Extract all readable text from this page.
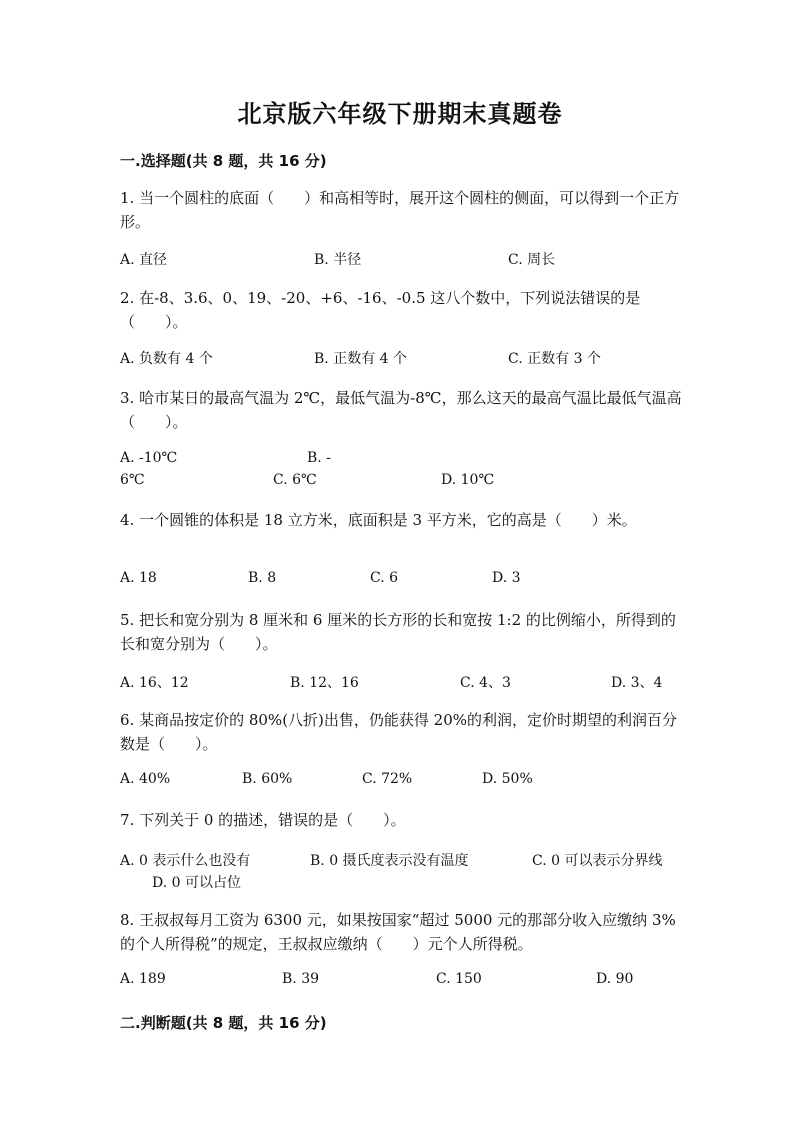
北京版六年级下册期末真题卷
一.选择题(共 8 题，共 16 分)
1. 当一个圆柱的底面（　　）和高相等时，展开这个圆柱的侧面，可以得到一个正方形。
A. 直径	B. 半径	C. 周长
2. 在-8、3.6、0、19、-20、+6、-16、-0.5 这八个数中，下列说法错误的是（　　）。
A. 负数有 4 个	B. 正数有 4 个	C. 正数有 3 个
3. 哈市某日的最高气温为 2℃，最低气温为-8℃，那么这天的最高气温比最低气温高（　　）。
A. -10℃	B. -
6℃	C. 6℃	D. 10℃
4. 一个圆锥的体积是 18 立方米，底面积是 3 平方米，它的高是（　　）米。
A. 18	B. 8	C. 6	D. 3
5. 把长和宽分别为 8 厘米和 6 厘米的长方形的长和宽按 1:2 的比例缩小，所得到的长和宽分别为（　　）。
A. 16、12	B. 12、16	C. 4、3	D. 3、4
6. 某商品按定价的 80%(八折)出售，仍能获得 20%的利润，定价时期望的利润百分数是（　　）。
A. 40%	B. 60%	C. 72%	D. 50%
7. 下列关于 0 的描述，错误的是（　　）。
A. 0 表示什么也没有	B. 0 摄氏度表示没有温度	C. 0 可以表示分界线
D. 0 可以占位
8. 王叔叔每月工资为 6300 元，如果按国家“超过 5000 元的那部分收入应缴纳 3%的个人所得税”的规定，王叔叔应缴纳（　　）元个人所得税。
A. 189	B. 39	C. 150	D. 90
二.判断题(共 8 题，共 16 分)
